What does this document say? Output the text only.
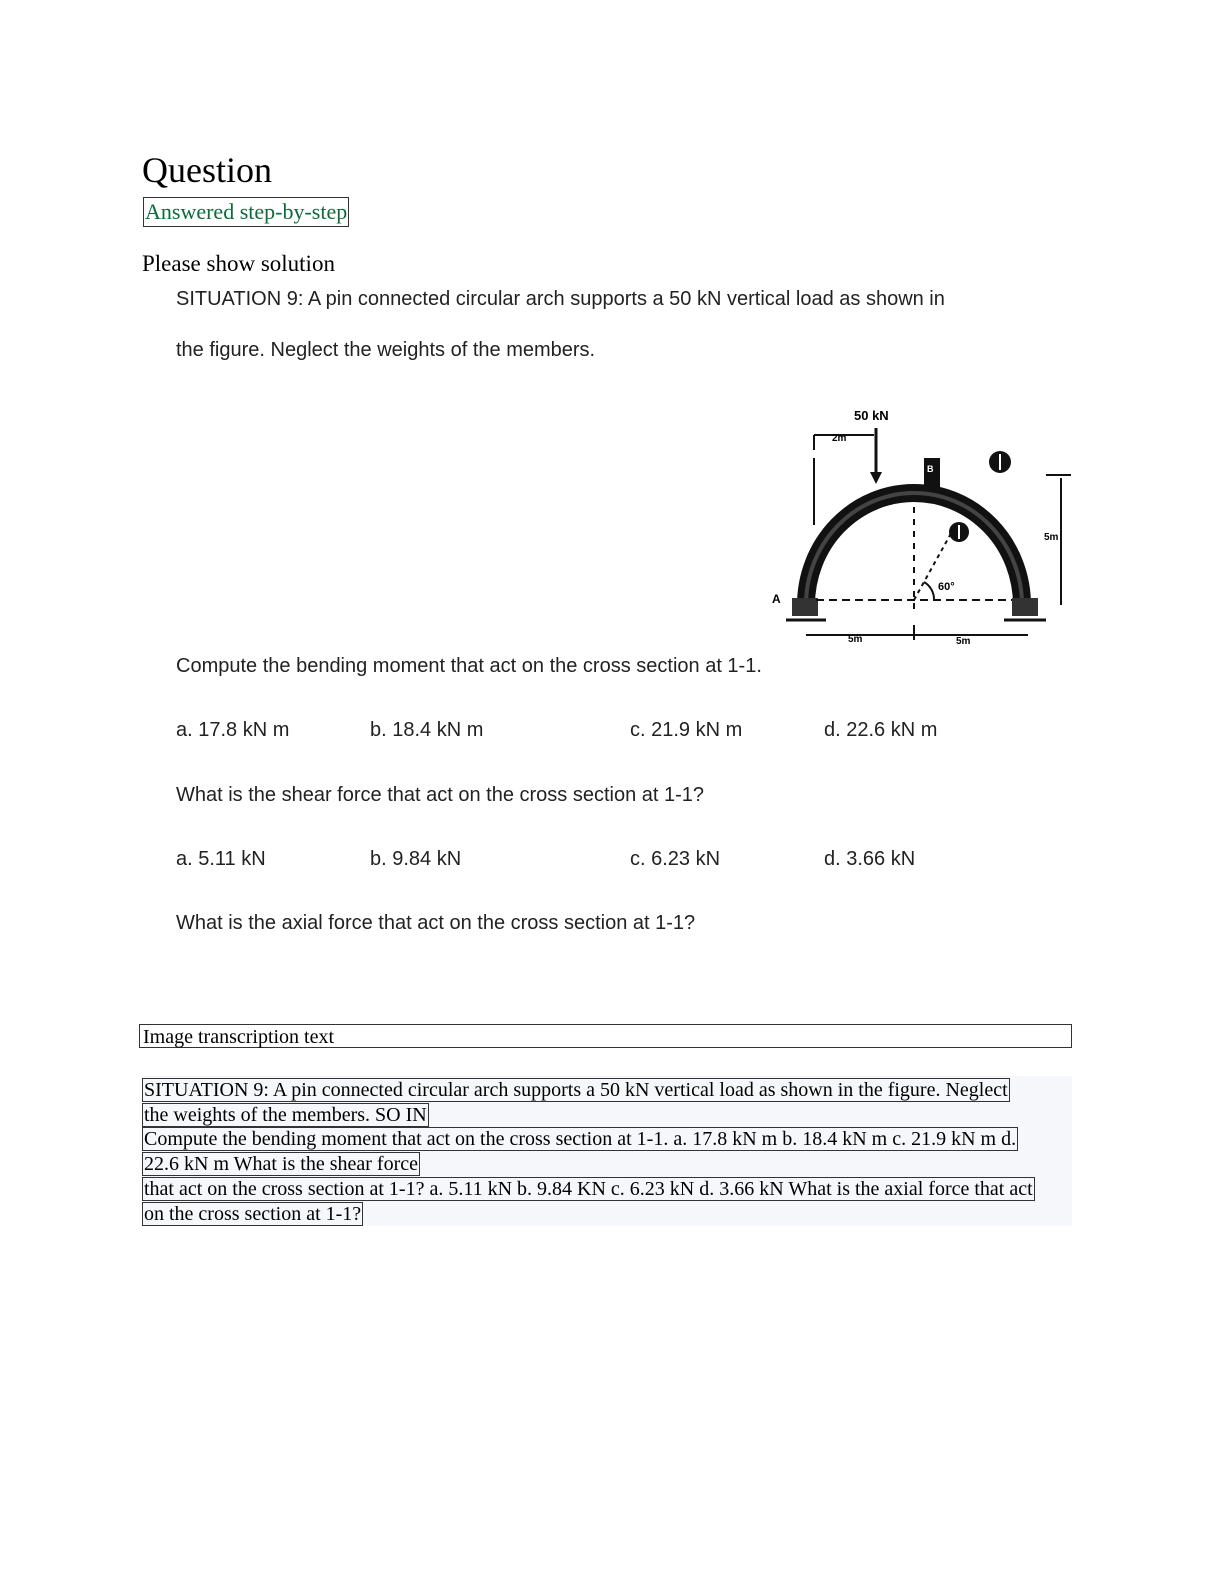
Question
Answered step-by-step
Please show solution
SITUATION 9: A pin connected circular arch supports a 50 kN vertical load as shown in
the figure. Neglect the weights of the members.
60°
50 kN
2m
5m
5m	5m
A
B
Compute the bending moment that act on the cross section at 1-1.
a. 17.8 kN m	b. 18.4 kN m	c. 21.9 kN m	d. 22.6 kN m
What is the shear force that act on the cross section at 1-1?
a. 5.11 kN	b. 9.84 kN	c. 6.23 kN	d. 3.66 kN
What is the axial force that act on the cross section at 1-1?
Image transcription text
SITUATION 9: A pin connected circular arch supports a 50 kN vertical load as shown in the figure. Neglect
the weights of the members. SO IN
Compute the bending moment that act on the cross section at 1-1. a. 17.8 kN m b. 18.4 kN m c. 21.9 kN m d.
22.6 kN m What is the shear force
that act on the cross section at 1-1? a. 5.11 kN b. 9.84 KN c. 6.23 kN d. 3.66 kN What is the axial force that act
on the cross section at 1-1?
